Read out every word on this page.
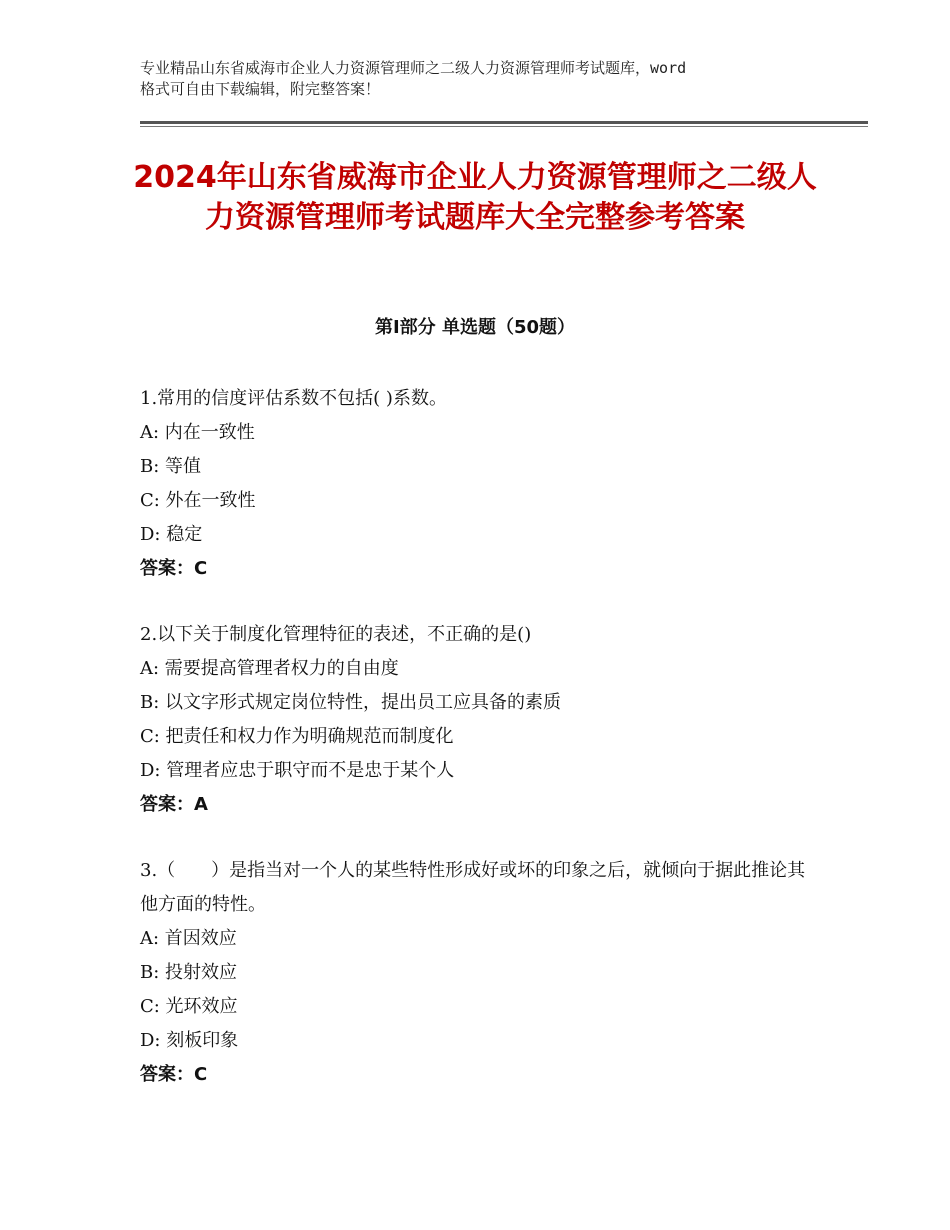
专业精品山东省威海市企业人力资源管理师之二级人力资源管理师考试题库，word
格式可自由下载编辑，附完整答案！
2024年山东省威海市企业人力资源管理师之二级人力资源管理师考试题库大全完整参考答案
第Ⅰ部分 单选题（50题）

1.常用的信度评估系数不包括( )系数。

A: 内在一致性

B: 等值

C: 外在一致性

D: 稳定

答案：C

2.以下关于制度化管理特征的表述，不正确的是()

A: 需要提高管理者权力的自由度

B: 以文字形式规定岗位特性，提出员工应具备的素质

C: 把责任和权力作为明确规范而制度化

D: 管理者应忠于职守而不是忠于某个人

答案：A

3.（　　）是指当对一个人的某些特性形成好或坏的印象之后，就倾向于据此推论其他方面的特性。

A: 首因效应

B: 投射效应

C: 光环效应

D: 刻板印象

答案：C
